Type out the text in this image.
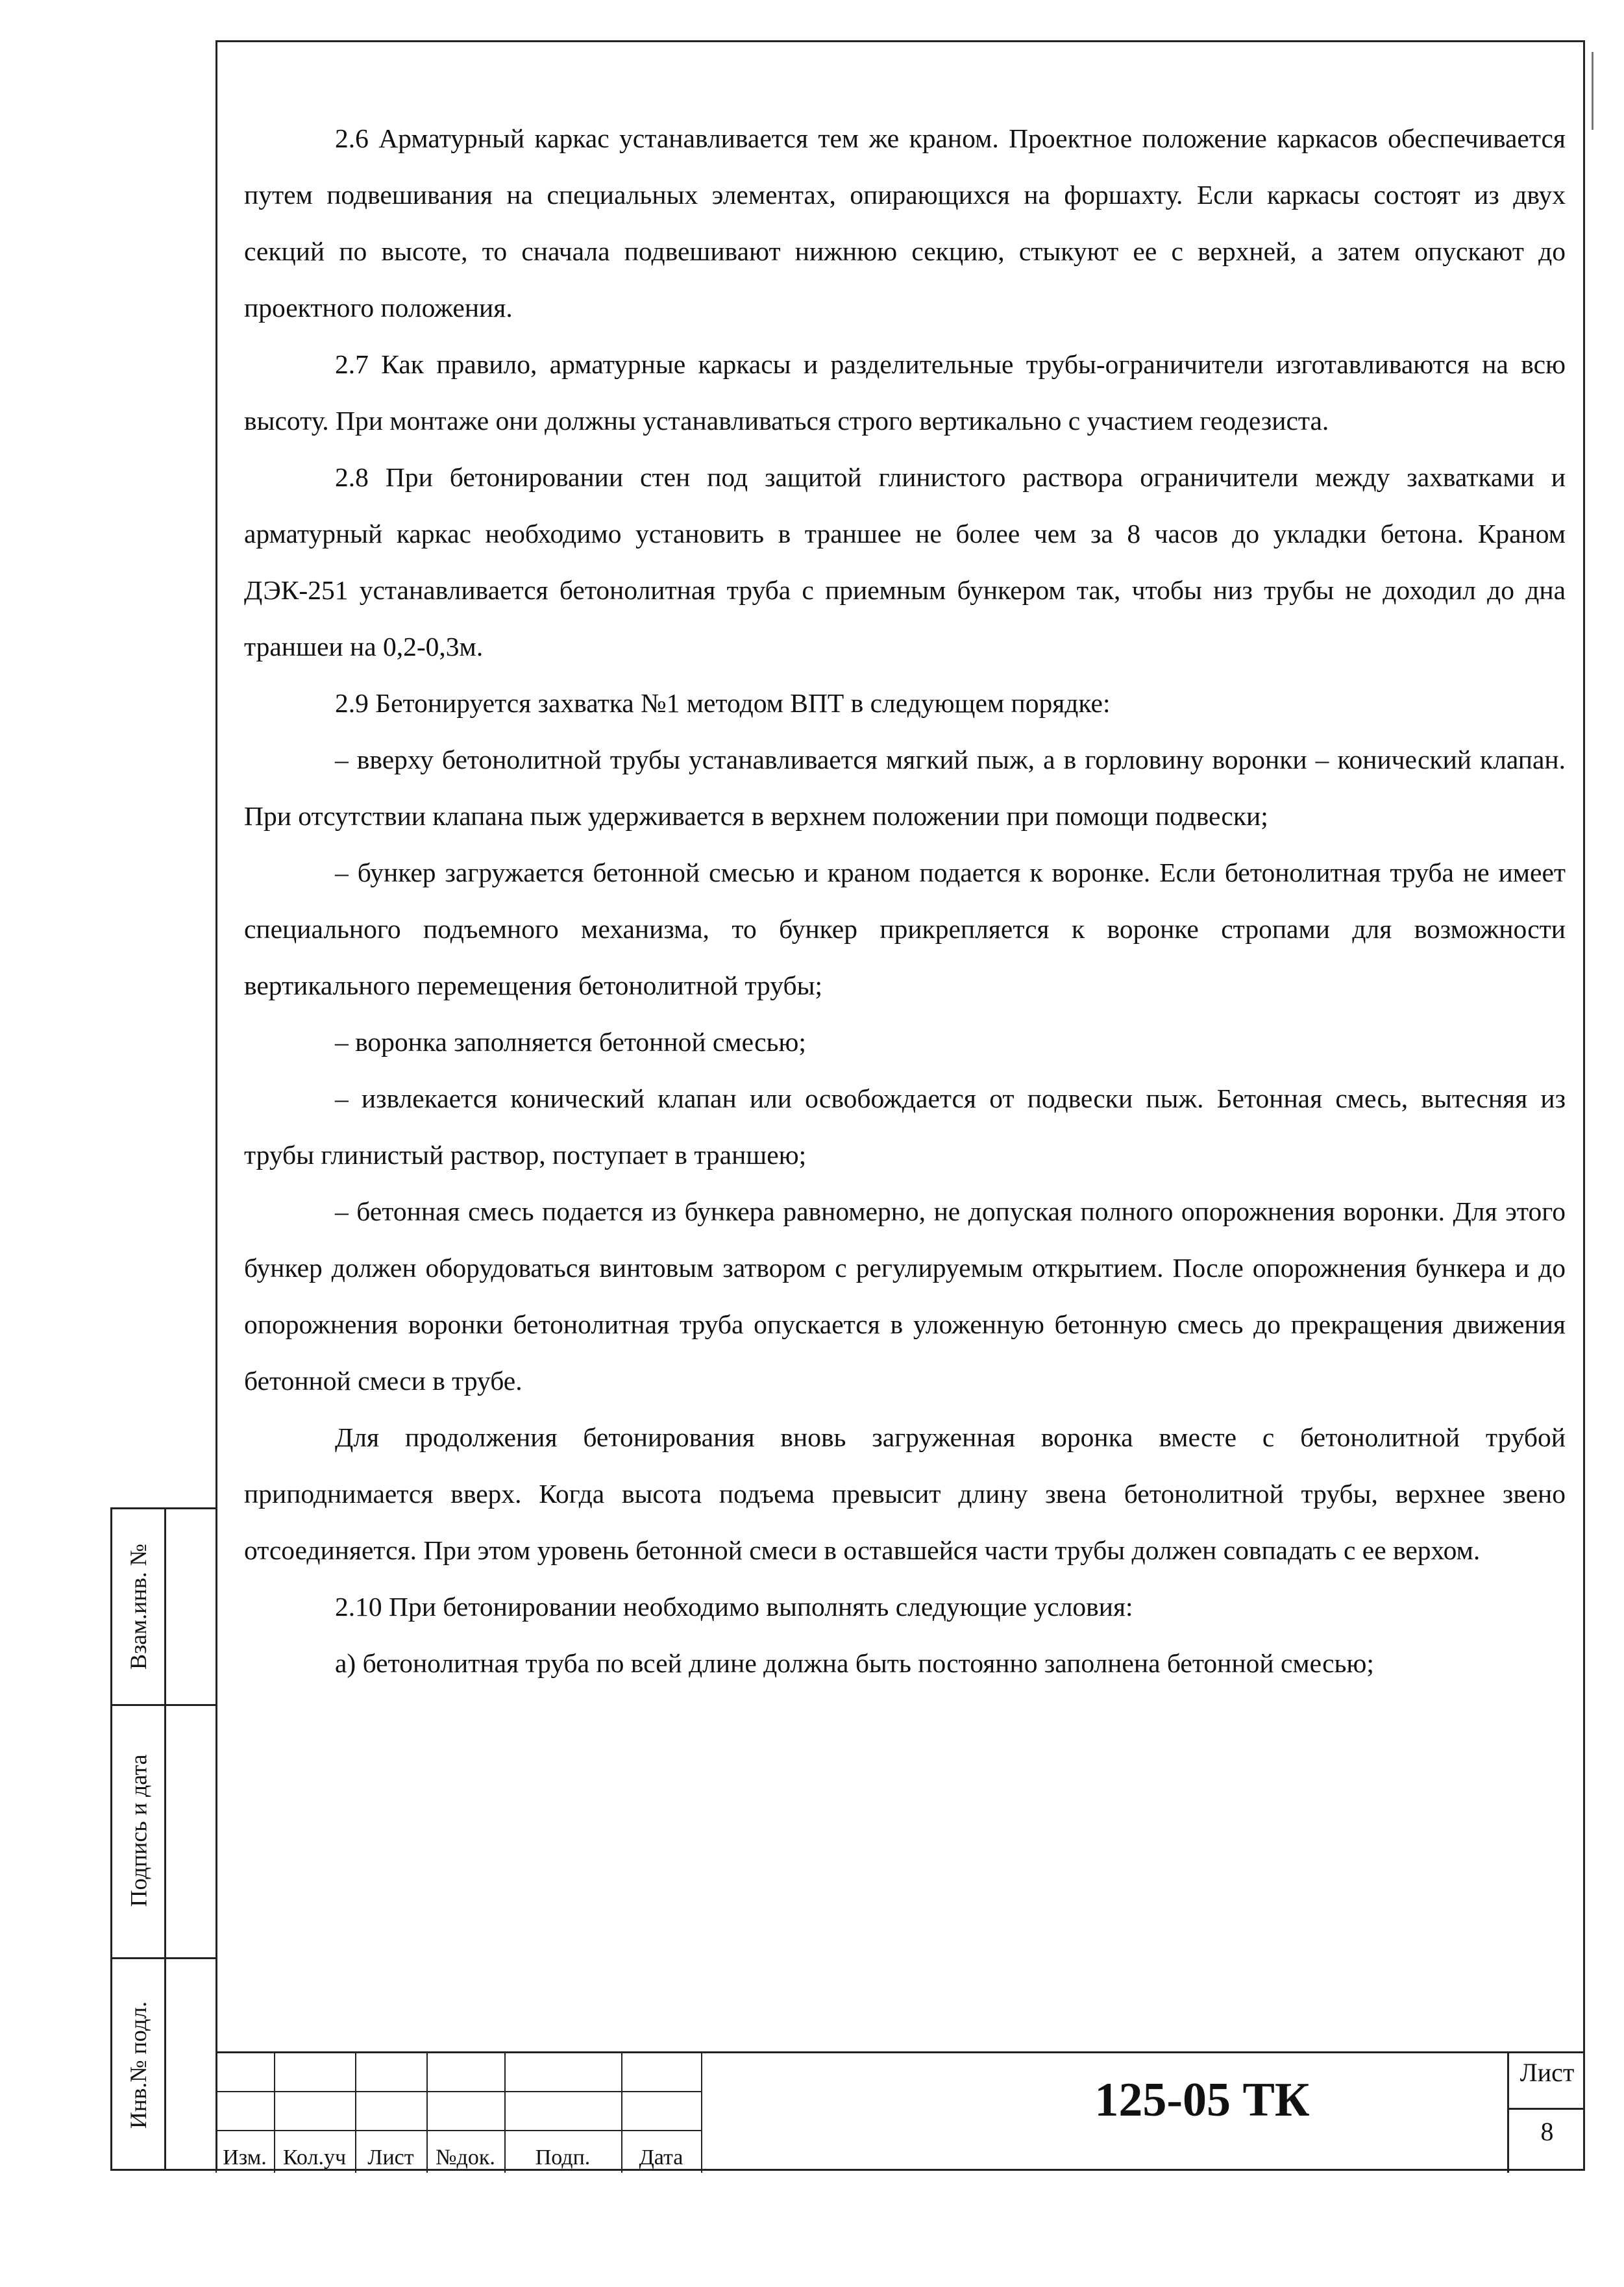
2.6 Арматурный каркас устанавливается тем же краном. Проектное положение каркасов обеспечивается путем подвешивания на специальных элементах, опирающихся на форшахту. Если каркасы состоят из двух секций по высоте, то сначала подвешивают нижнюю секцию, стыкуют ее с верхней, а затем опускают до проектного положения.

2.7 Как правило, арматурные каркасы и разделительные трубы-ограничители изготавливаются на всю высоту. При монтаже они должны устанавливаться строго вертикально с участием геодезиста.

2.8 При бетонировании стен под защитой глинистого раствора ограничители между захватками и арматурный каркас необходимо установить в траншее не более чем за 8 часов до укладки бетона. Краном ДЭК-251 устанавливается бетонолитная труба с приемным бункером так, чтобы низ трубы не доходил до дна траншеи на 0,2-0,3м.

2.9 Бетонируется захватка №1 методом ВПТ в следующем порядке:

– вверху бетонолитной трубы устанавливается мягкий пыж, а в горловину воронки – конический клапан. При отсутствии клапана пыж удерживается в верхнем положении при помощи подвески;

– бункер загружается бетонной смесью и краном подается к воронке. Если бетонолитная труба не имеет специального подъемного механизма, то бункер прикрепляется к воронке стропами для возможности вертикального перемещения бетонолитной трубы;

– воронка заполняется бетонной смесью;

– извлекается конический клапан или освобождается от подвески пыж. Бетонная смесь, вытесняя из трубы глинистый раствор, поступает в траншею;

– бетонная смесь подается из бункера равномерно, не допуская полного опорожнения воронки. Для этого бункер должен оборудоваться винтовым затвором с регулируемым открытием. После опорожнения бункера и до опорожнения воронки бетонолитная труба опускается в уложенную бетонную смесь до прекращения движения бетонной смеси в трубе.

Для продолжения бетонирования вновь загруженная воронка вместе с бетонолитной трубой приподнимается вверх. Когда высота подъема превысит длину звена бетонолитной трубы, верхнее звено отсоединяется. При этом уровень бетонной смеси в оставшейся части трубы должен совпадать с ее верхом.

2.10 При бетонировании необходимо выполнять следующие условия:

а) бетонолитная труба по всей длине должна быть постоянно заполнена бетонной смесью;

Взам.инв. №
Подпись и дата
Инв.№ подл.
Изм. Кол.уч Лист №док.	Подп.	Дата
125-05 ТК
Лист
8
